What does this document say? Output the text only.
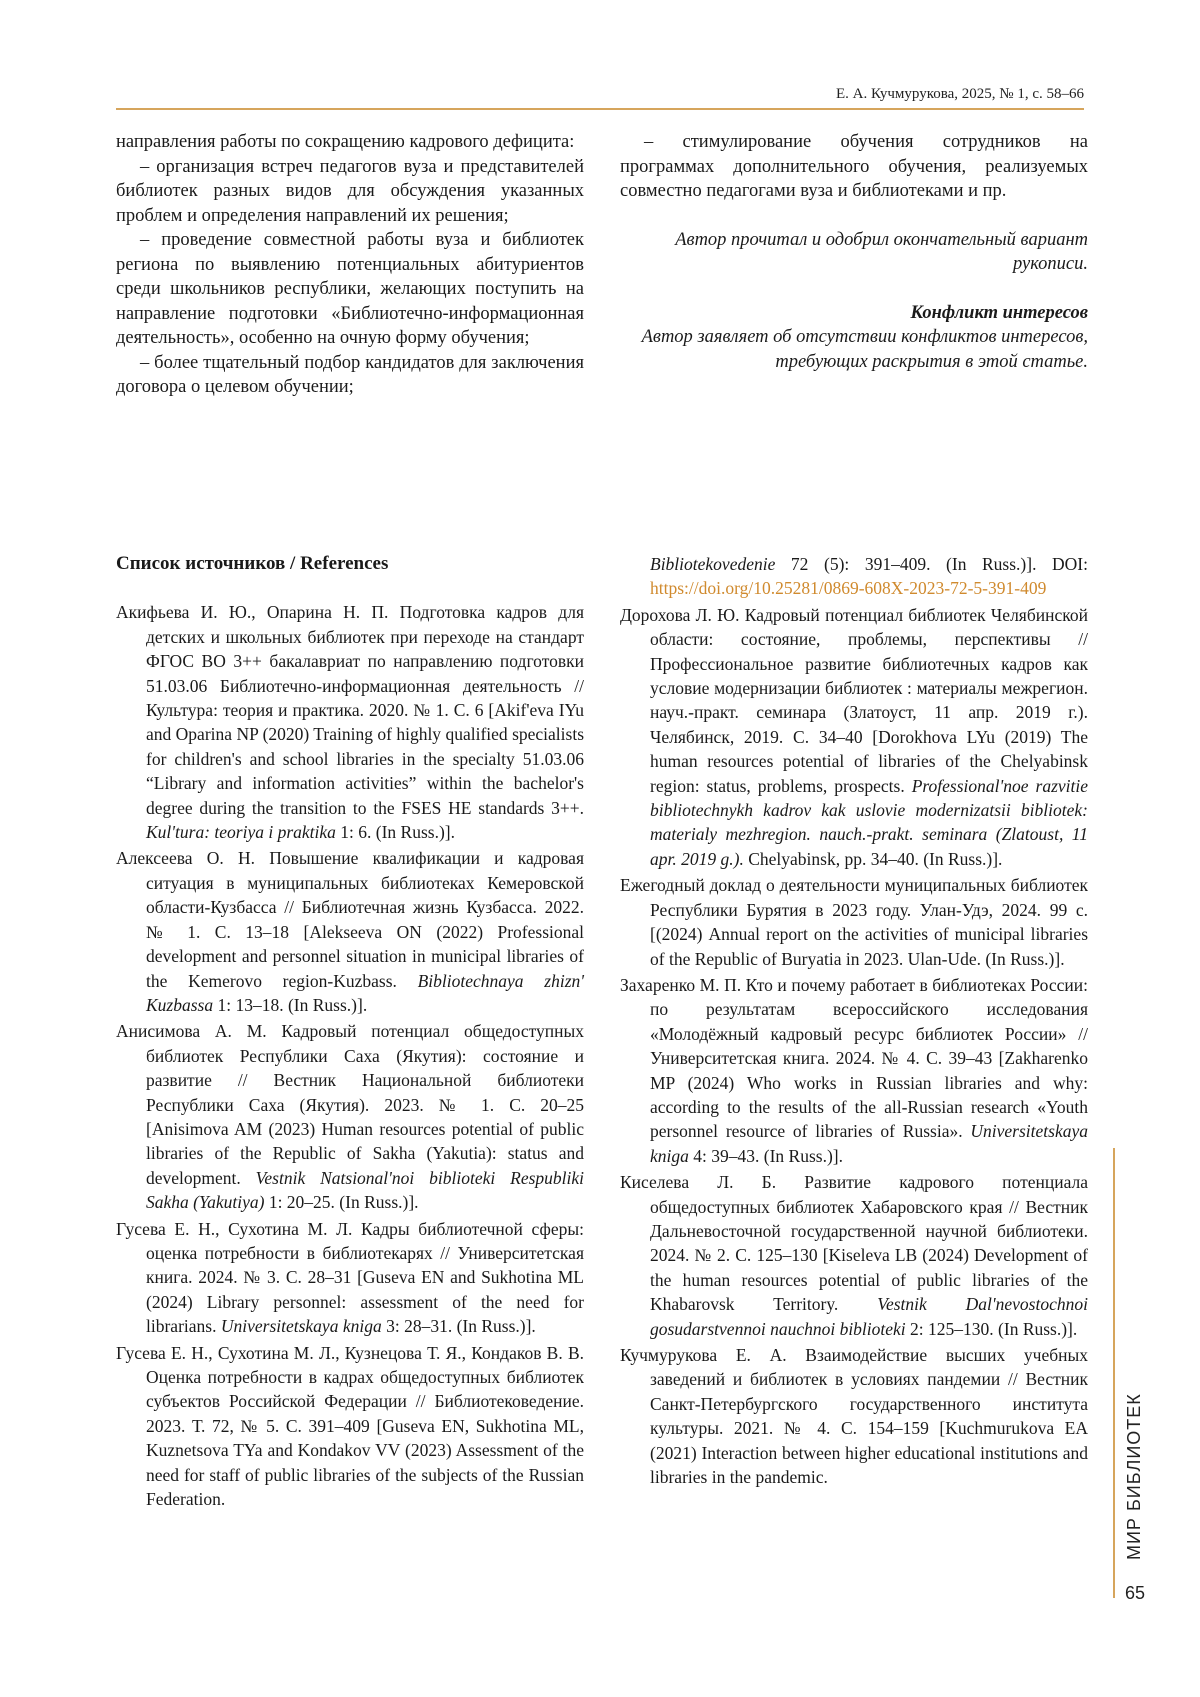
Е. А. Кучмурукова, 2025, № 1, с. 58–66

направления работы по сокращению кадрового дефицита:

– организация встреч педагогов вуза и представителей библиотек разных видов для обсуждения указанных проблем и определения направлений их решения;

– проведение совместной работы вуза и библиотек региона по выявлению потенциальных абитуриентов среди школьников республики, желающих поступить на направление подготовки «Библиотечно-информационная деятельность», особенно на очную форму обучения;

– более тщательный подбор кандидатов для заключения договора о целевом обучении;

– стимулирование обучения сотрудников на программах дополнительного обучения, реализуемых совместно педагогами вуза и библиотеками и пр.

Автор прочитал и одобрил окончательный вариант рукописи.

Конфликт интересов

Автор заявляет об отсутствии конфликтов интересов, требующих раскрытия в этой статье.

Список источников / References

Акифьева И. Ю., Опарина Н. П. Подготовка кадров для детских и школьных библиотек при переходе на стандарт ФГОС ВО 3++ бакалавриат по направлению подготовки 51.03.06 Библиотечно-информационная деятельность // Культура: теория и практика. 2020. № 1. С. 6 [Akif'eva IYu and Oparina NP (2020) Training of highly qualified specialists for children's and school libraries in the specialty 51.03.06 “Library and information activities” within the bachelor's degree during the transition to the FSES HE standards 3++. Kul'tura: teoriya i praktika 1: 6. (In Russ.)].

Алексеева О. Н. Повышение квалификации и кадровая ситуация в муниципальных библиотеках Кемеровской области-Кузбасса // Библиотечная жизнь Кузбасса. 2022. № 1. С. 13–18 [Alekseeva ON (2022) Professional development and personnel situation in municipal libraries of the Kemerovo region-Kuzbass. Bibliotechnaya zhizn' Kuzbassa 1: 13–18. (In Russ.)].

Анисимова А. М. Кадровый потенциал общедоступных библиотек Республики Саха (Якутия): состояние и развитие // Вестник Национальной библиотеки Республики Саха (Якутия). 2023. № 1. С. 20–25 [Anisimova AM (2023) Human resources potential of public libraries of the Republic of Sakha (Yakutia): status and development. Vestnik Natsional'noi biblioteki Respubliki Sakha (Yakutiya) 1: 20–25. (In Russ.)].

Гусева Е. Н., Сухотина М. Л. Кадры библиотечной сферы: оценка потребности в библиотекарях // Университетская книга. 2024. № 3. С. 28–31 [Guseva EN and Sukhotina ML (2024) Library personnel: assessment of the need for librarians. Universitetskaya kniga 3: 28–31. (In Russ.)].

Гусева Е. Н., Сухотина М. Л., Кузнецова Т. Я., Кондаков В. В. Оценка потребности в кадрах общедоступных библиотек субъектов Российской Федерации // Библиотековедение. 2023. Т. 72, № 5. С. 391–409 [Guseva EN, Sukhotina ML, Kuznetsova TYa and Kondakov VV (2023) Assessment of the need for staff of public libraries of the subjects of the Russian Federation.

Bibliotekovedenie 72 (5): 391–409. (In Russ.)]. DOI: https://doi.org/10.25281/0869-608X-2023-72-5-391-409

Дорохова Л. Ю. Кадровый потенциал библиотек Челябинской области: состояние, проблемы, перспективы // Профессиональное развитие библиотечных кадров как условие модернизации библиотек : материалы межрегион. науч.-практ. семинара (Златоуст, 11 апр. 2019 г.). Челябинск, 2019. С. 34–40 [Dorokhova LYu (2019) The human resources potential of libraries of the Chelyabinsk region: status, problems, prospects. Professional'noe razvitie bibliotechnykh kadrov kak uslovie modernizatsii bibliotek: materialy mezhregion. nauch.-prakt. seminara (Zlatoust, 11 apr. 2019 g.). Chelyabinsk, pp. 34–40. (In Russ.)].

Ежегодный доклад о деятельности муниципальных библиотек Республики Бурятия в 2023 году. Улан-Удэ, 2024. 99 с. [(2024) Annual report on the activities of municipal libraries of the Republic of Buryatia in 2023. Ulan-Ude. (In Russ.)].

Захаренко М. П. Кто и почему работает в библиотеках России: по результатам всероссийского исследования «Молодёжный кадровый ресурс библиотек России» // Университетская книга. 2024. № 4. С. 39–43 [Zakharenko MP (2024) Who works in Russian libraries and why: according to the results of the all-Russian research «Youth personnel resource of libraries of Russia». Universitetskaya kniga 4: 39–43. (In Russ.)].

Киселева Л. Б. Развитие кадрового потенциала общедоступных библиотек Хабаровского края // Вестник Дальневосточной государственной научной библиотеки. 2024. № 2. С. 125–130 [Kiseleva LB (2024) Development of the human resources potential of public libraries of the Khabarovsk Territory. Vestnik Dal'nevostochnoi gosudarstvennoi nauchnoi biblioteki 2: 125–130. (In Russ.)].

Кучмурукова Е. А. Взаимодействие высших учебных заведений и библиотек в условиях пандемии // Вестник Санкт-Петербургского государственного института культуры. 2021. № 4. С. 154–159 [Kuchmurukova EA (2021) Interaction between higher educational institutions and libraries in the pandemic.	МИР БИБЛИОТЕК
65
